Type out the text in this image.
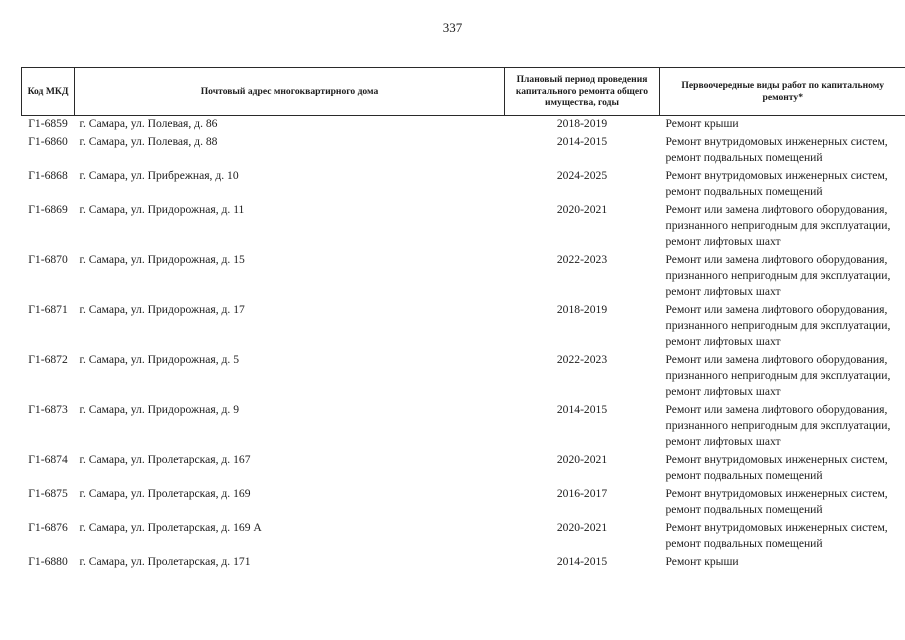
337
Код МКД	Почтовый адрес многоквартирного дома	Плановый период проведения капитального ремонта общего имущества, годы	Первоочередные виды работ по капитальному ремонту*
Г1-6859	г. Самара, ул. Полевая, д. 86	2018-2019	Ремонт крыши

Г1-6860	г. Самара, ул. Полевая, д. 88	2014-2015	Ремонт внутридомовых инженерных систем,
ремонт подвальных помещений

Г1-6868	г. Самара, ул. Прибрежная, д. 10	2024-2025	Ремонт внутридомовых инженерных систем,
ремонт подвальных помещений

Г1-6869	г. Самара, ул. Придорожная, д. 11	2020-2021	Ремонт или замена лифтового оборудования,
признанного непригодным для эксплуатации,
ремонт лифтовых шахт

Г1-6870	г. Самара, ул. Придорожная, д. 15	2022-2023	Ремонт или замена лифтового оборудования,
признанного непригодным для эксплуатации,
ремонт лифтовых шахт

Г1-6871	г. Самара, ул. Придорожная, д. 17	2018-2019	Ремонт или замена лифтового оборудования,
признанного непригодным для эксплуатации,
ремонт лифтовых шахт

Г1-6872	г. Самара, ул. Придорожная, д. 5	2022-2023	Ремонт или замена лифтового оборудования,
признанного непригодным для эксплуатации,
ремонт лифтовых шахт

Г1-6873	г. Самара, ул. Придорожная, д. 9	2014-2015	Ремонт или замена лифтового оборудования,
признанного непригодным для эксплуатации,
ремонт лифтовых шахт

Г1-6874	г. Самара, ул. Пролетарская, д. 167	2020-2021	Ремонт внутридомовых инженерных систем,
ремонт подвальных помещений

Г1-6875	г. Самара, ул. Пролетарская, д. 169	2016-2017	Ремонт внутридомовых инженерных систем,
ремонт подвальных помещений

Г1-6876	г. Самара, ул. Пролетарская, д. 169 А	2020-2021	Ремонт внутридомовых инженерных систем,
ремонт подвальных помещений

Г1-6880	г. Самара, ул. Пролетарская, д. 171	2014-2015	Ремонт крыши
